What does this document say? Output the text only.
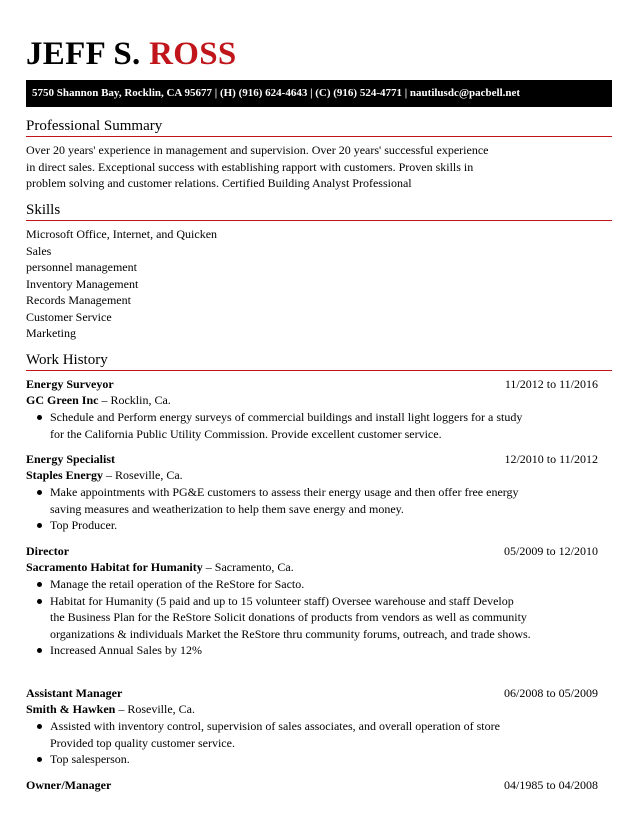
JEFF S. ROSS
5750 Shannon Bay, Rocklin, CA 95677 | (H) (916) 624-4643 | (C) (916) 524-4771 | nautilusdc@pacbell.net
Professional Summary
Over 20 years' experience in management and supervision. Over 20 years' successful experience
in direct sales. Exceptional success with establishing rapport with customers. Proven skills in
problem solving and customer relations. Certified Building Analyst Professional
Skills
Microsoft Office, Internet, and Quicken
Sales
personnel management
Inventory Management
Records Management
Customer Service
Marketing
Work History
Energy Surveyor	11/2012 to 11/2016
GC Green Inc – Rocklin, Ca.
Schedule and Perform energy surveys of commercial buildings and install light loggers for a study for the California Public Utility Commission. Provide excellent customer service.
Energy Specialist	12/2010 to 11/2012
Staples Energy – Roseville, Ca.
Make appointments with PG&E customers to assess their energy usage and then offer free energy saving measures and weatherization to help them save energy and money.
Top Producer.
Director	05/2009 to 12/2010
Sacramento Habitat for Humanity – Sacramento, Ca.
Manage the retail operation of the ReStore for Sacto.
Habitat for Humanity (5 paid and up to 15 volunteer staff) Oversee warehouse and staff Develop the Business Plan for the ReStore Solicit donations of products from vendors as well as community organizations & individuals Market the ReStore thru community forums, outreach, and trade shows.
Increased Annual Sales by 12%
Assistant Manager	06/2008 to 05/2009
Smith & Hawken – Roseville, Ca.
Assisted with inventory control, supervision of sales associates, and overall operation of store Provided top quality customer service.
Top salesperson.
Owner/Manager	04/1985 to 04/2008
